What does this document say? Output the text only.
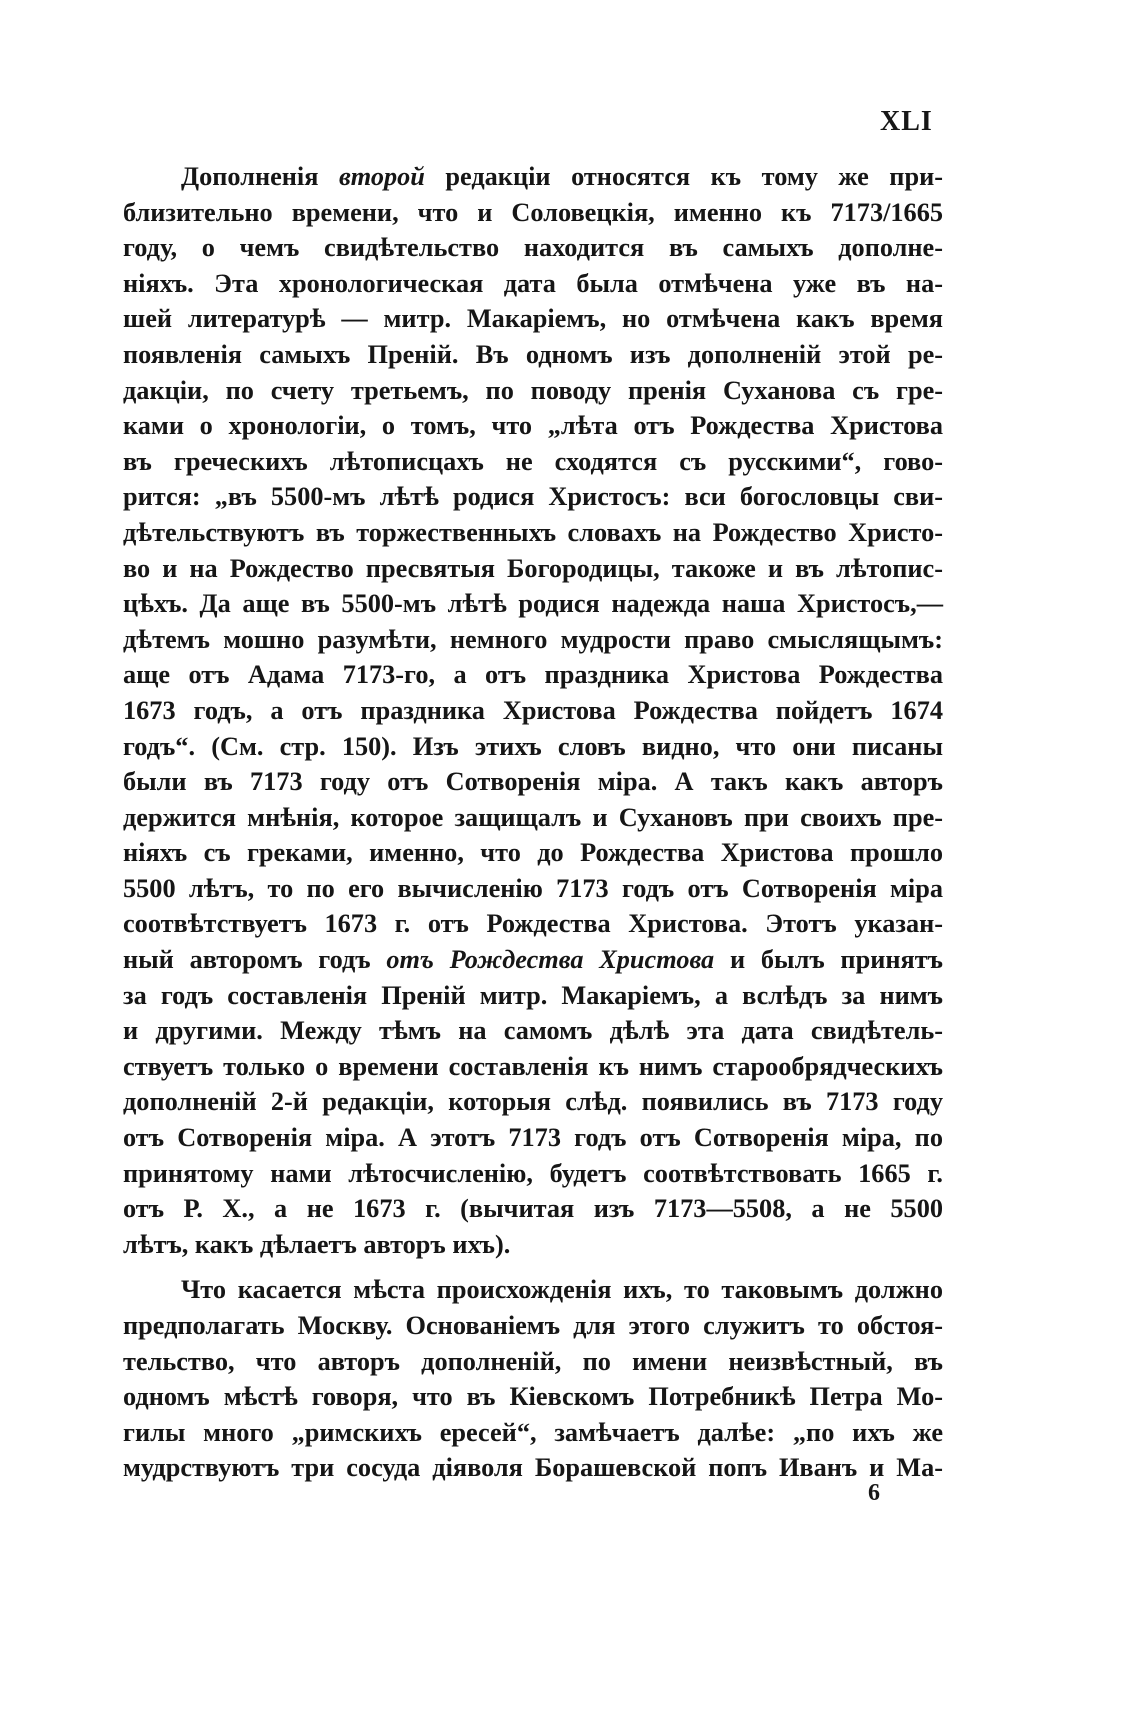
XLI
Дополненія второй редакціи относятся къ тому же при-
близительно времени, что и Соловецкія, именно къ 7173/1665
году, о чемъ свидѣтельство находится въ самыхъ дополне-
ніяхъ. Эта хронологическая дата была отмѣчена уже въ на-
шей литературѣ — митр. Макаріемъ, но отмѣчена какъ время
появленія самыхъ Преній. Въ одномъ изъ дополненій этой ре-
дакціи, по счету третьемъ, по поводу пренія Суханова съ гре-
ками о хронологіи, о томъ, что „лѣта отъ Рождества Христова
въ греческихъ лѣтописцахъ не сходятся съ русскими“, гово-
рится: „въ 5500-мъ лѣтѣ родися Христосъ: вси богословцы сви-
дѣтельствуютъ въ торжественныхъ словахъ на Рождество Христо-
во и на Рождество пресвятыя Богородицы, такоже и въ лѣтопис-
цѣхъ. Да аще въ 5500-мъ лѣтѣ родися надежда наша Христосъ,—
дѣтемъ мошно разумѣти, немного мудрости право смыслящымъ:
аще отъ Адама 7173-го, а отъ праздника Христова Рождества
1673 годъ, а отъ праздника Христова Рождества пойдетъ 1674
годъ“. (См. стр. 150). Изъ этихъ словъ видно, что они писаны
были въ 7173 году отъ Сотворенія міра. А такъ какъ авторъ
держится мнѣнія, которое защищалъ и Сухановъ при своихъ пре-
ніяхъ съ греками, именно, что до Рождества Христова прошло
5500 лѣтъ, то по его вычисленію 7173 годъ отъ Сотворенія міра
соотвѣтствуетъ 1673 г. отъ Рождества Христова. Этотъ указан-
ный авторомъ годъ отъ Рождества Христова и былъ принятъ
за годъ составленія Преній митр. Макаріемъ, а вслѣдъ за нимъ
и другими. Между тѣмъ на самомъ дѣлѣ эта дата свидѣтель-
ствуетъ только о времени составленія къ нимъ старообрядческихъ
дополненій 2-й редакціи, которыя слѣд. появились въ 7173 году
отъ Сотворенія міра. А этотъ 7173 годъ отъ Сотворенія міра, по
принятому нами лѣтосчисленію, будетъ соотвѣтствовать 1665 г.
отъ Р. Х., а не 1673 г. (вычитая изъ 7173—5508, а не 5500
лѣтъ, какъ дѣлаетъ авторъ ихъ).
Что касается мѣста происхожденія ихъ, то таковымъ должно
предполагать Москву. Основаніемъ для этого служитъ то обстоя-
тельство, что авторъ дополненій, по имени неизвѣстный, въ
одномъ мѣстѣ говоря, что въ Кіевскомъ Потребникѣ Петра Мо-
гилы много „римскихъ ересей“, замѣчаетъ далѣе: „по ихъ же
мудрствуютъ три сосуда діяволя Борашевской попъ Иванъ и Ма-
6
